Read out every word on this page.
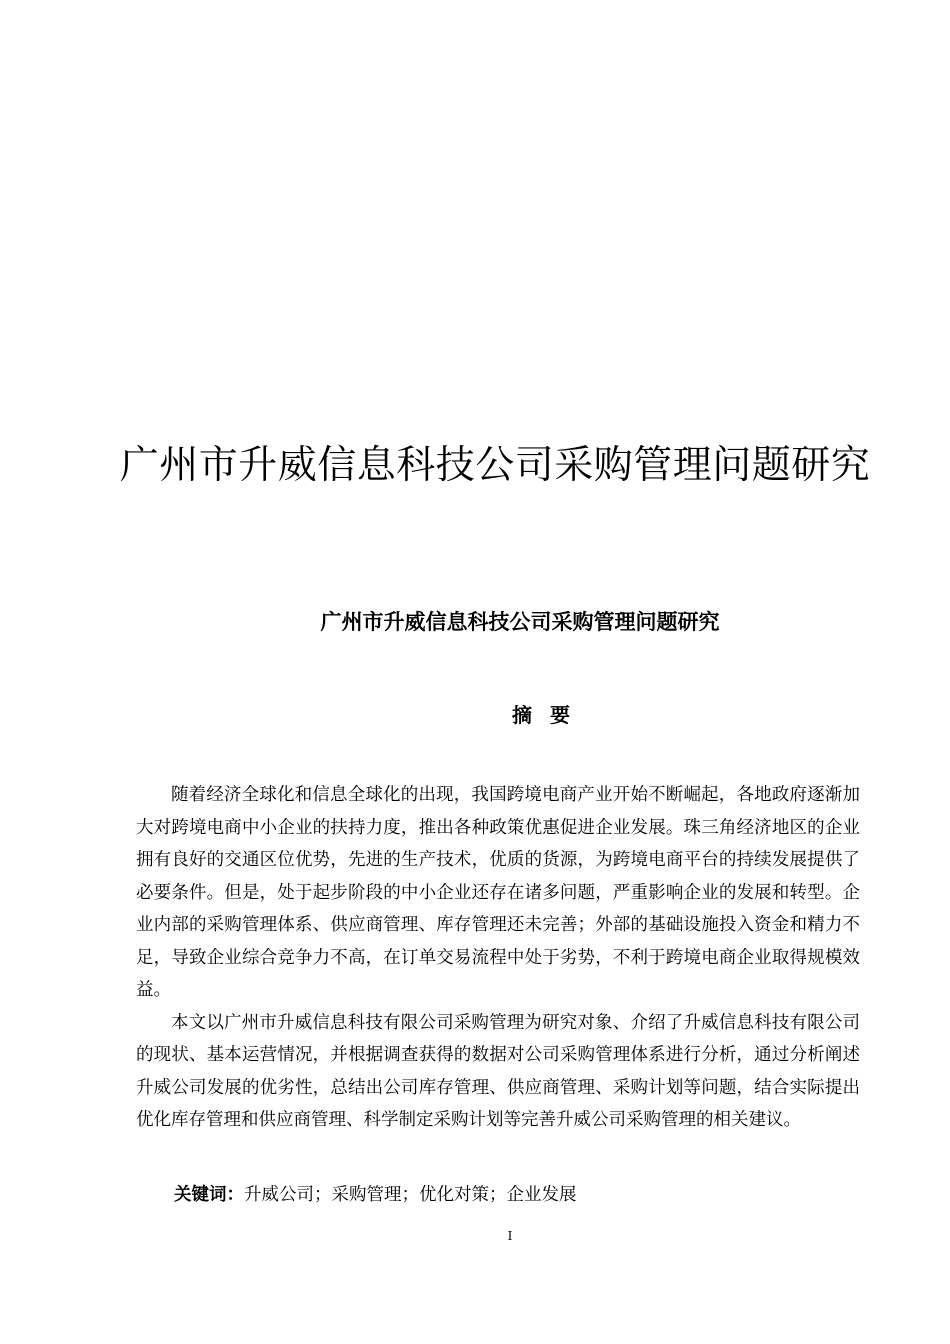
广州市升威信息科技公司采购管理问题研究
广州市升威信息科技公司采购管理问题研究
摘要

随着经济全球化和信息全球化的出现，我国跨境电商产业开始不断崛起，各地政府逐渐加大对跨境电商中小企业的扶持力度，推出各种政策优惠促进企业发展。珠三角经济地区的企业拥有良好的交通区位优势，先进的生产技术，优质的货源，为跨境电商平台的持续发展提供了必要条件。但是，处于起步阶段的中小企业还存在诸多问题，严重影响企业的发展和转型。企业内部的采购管理体系、供应商管理、库存管理还未完善；外部的基础设施投入资金和精力不足，导致企业综合竞争力不高，在订单交易流程中处于劣势，不利于跨境电商企业取得规模效益。

本文以广州市升威信息科技有限公司采购管理为研究对象、介绍了升威信息科技有限公司的现状、基本运营情况，并根据调查获得的数据对公司采购管理体系进行分析，通过分析阐述升威公司发展的优劣性，总结出公司库存管理、供应商管理、采购计划等问题，结合实际提出优化库存管理和供应商管理、科学制定采购计划等完善升威公司采购管理的相关建议。

关键词：升威公司；采购管理；优化对策；企业发展
I
